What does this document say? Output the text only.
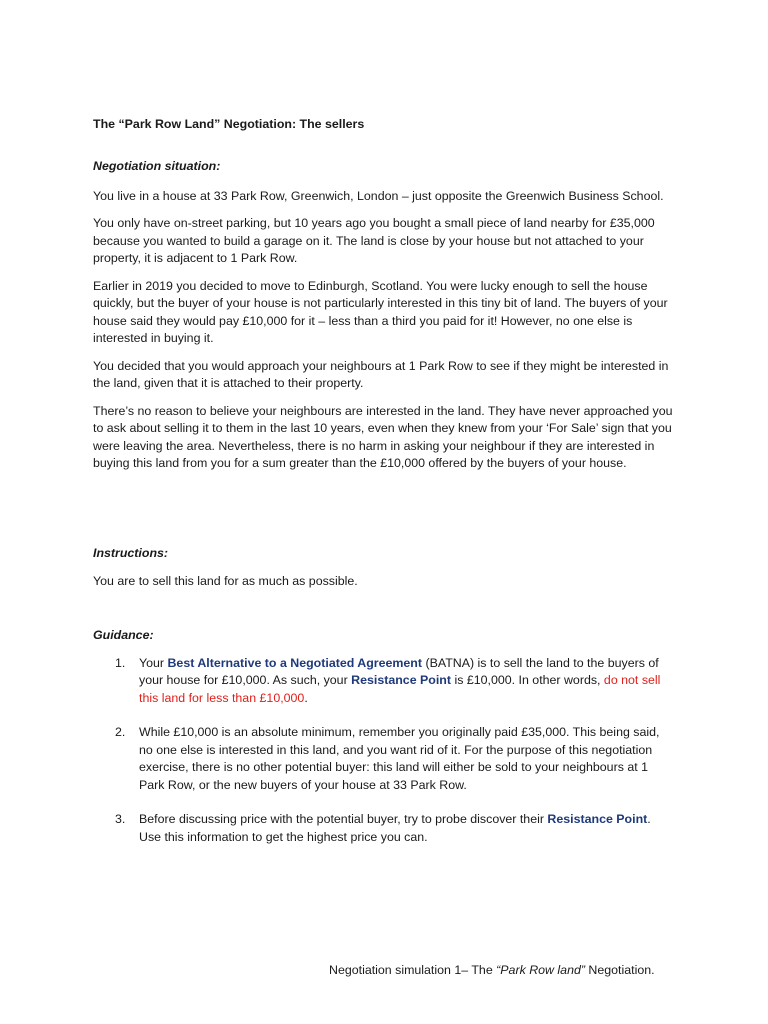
The “Park Row Land” Negotiation: The sellers

Negotiation situation:

You live in a house at 33 Park Row, Greenwich, London – just opposite the Greenwich Business School.

You only have on-street parking, but 10 years ago you bought a small piece of land nearby for £35,000 because you wanted to build a garage on it. The land is close by your house but not attached to your property, it is adjacent to 1 Park Row.

Earlier in 2019 you decided to move to Edinburgh, Scotland. You were lucky enough to sell the house quickly, but the buyer of your house is not particularly interested in this tiny bit of land. The buyers of your house said they would pay £10,000 for it – less than a third you paid for it! However, no one else is interested in buying it.

You decided that you would approach your neighbours at 1 Park Row to see if they might be interested in the land, given that it is attached to their property.

There’s no reason to believe your neighbours are interested in the land. They have never approached you to ask about selling it to them in the last 10 years, even when they knew from your ‘For Sale’ sign that you were leaving the area. Nevertheless, there is no harm in asking your neighbour if they are interested in buying this land from you for a sum greater than the £10,000 offered by the buyers of your house.

Instructions:

You are to sell this land for as much as possible.

Guidance:

1. Your Best Alternative to a Negotiated Agreement (BATNA) is to sell the land to the buyers of your house for £10,000. As such, your Resistance Point is £10,000. In other words, do not sell this land for less than £10,000.
2. While £10,000 is an absolute minimum, remember you originally paid £35,000. This being said, no one else is interested in this land, and you want rid of it. For the purpose of this negotiation exercise, there is no other potential buyer: this land will either be sold to your neighbours at 1 Park Row, or the new buyers of your house at 33 Park Row.
3. Before discussing price with the potential buyer, try to probe discover their Resistance Point. Use this information to get the highest price you can.
Negotiation simulation 1– The “Park Row land” Negotiation.
